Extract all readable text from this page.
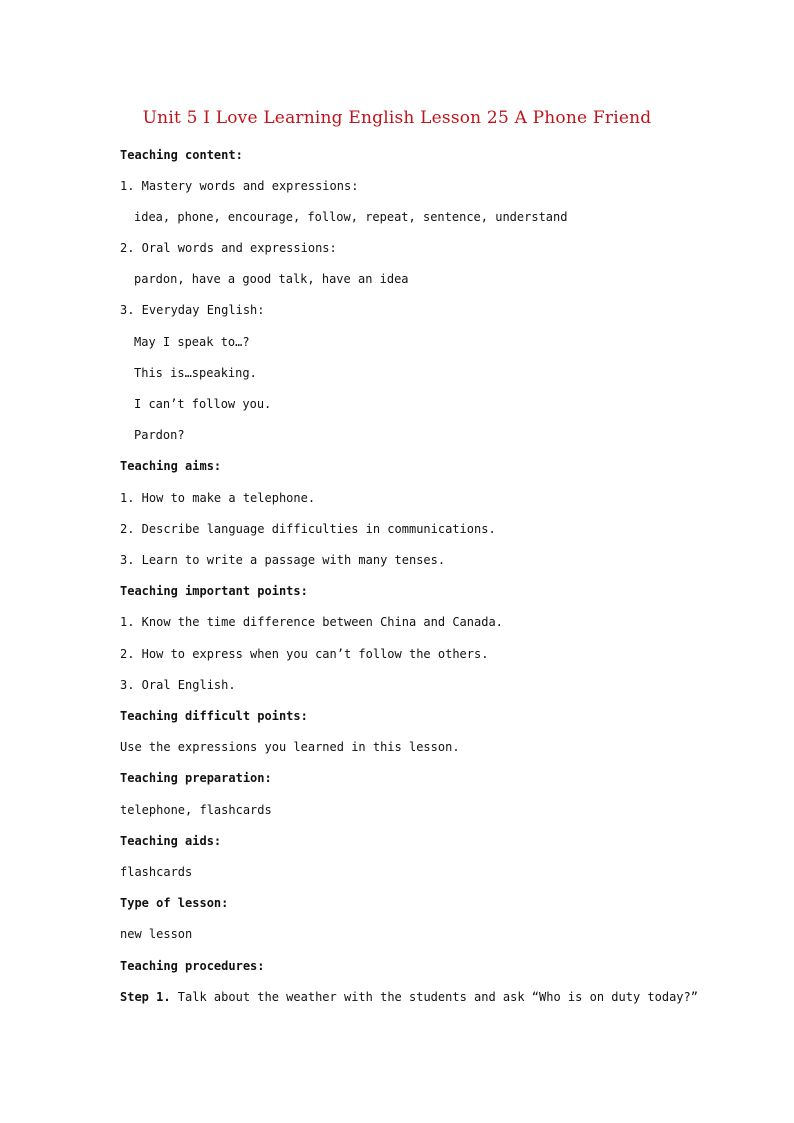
Unit 5 I Love Learning English Lesson 25 A Phone Friend
Teaching content:
1. Mastery words and expressions:
idea, phone, encourage, follow, repeat, sentence, understand
2. Oral words and expressions:
pardon, have a good talk, have an idea
3. Everyday English:
May I speak to…?
This is…speaking.
I can’t follow you.
Pardon?
Teaching aims:
1. How to make a telephone.
2. Describe language difficulties in communications.
3. Learn to write a passage with many tenses.
Teaching important points:
1. Know the time difference between China and Canada.
2. How to express when you can’t follow the others.
3. Oral English.
Teaching difficult points:
Use the expressions you learned in this lesson.
Teaching preparation:
telephone, flashcards
Teaching aids:
flashcards
Type of lesson:
new lesson
Teaching procedures:
Step 1. Talk about the weather with the students and ask “Who is on duty today?”
